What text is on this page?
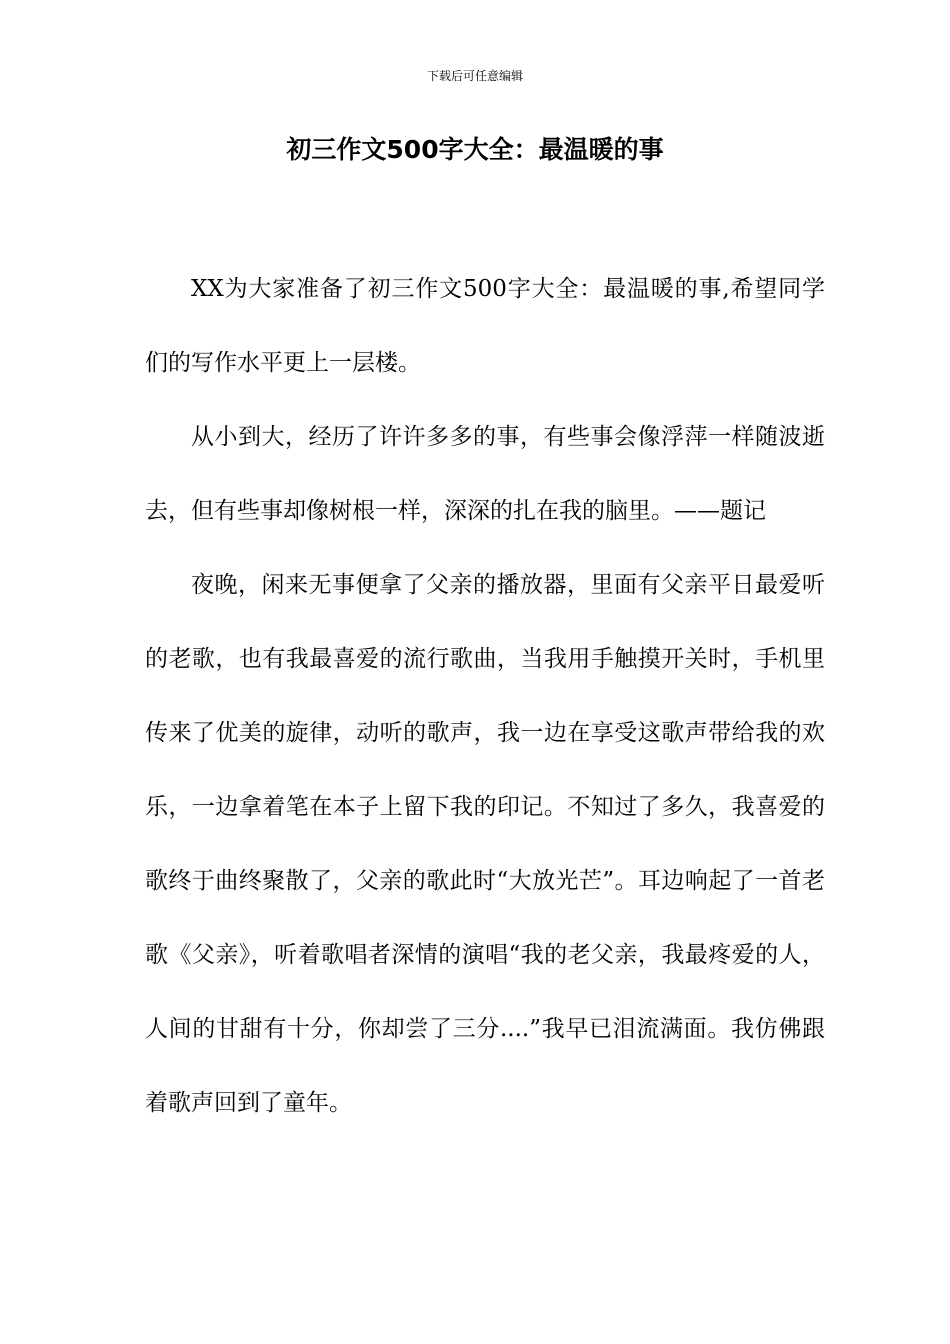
下载后可任意编辑
初三作文500字大全：最温暖的事

XX为大家准备了初三作文500字大全：最温暖的事,希望同学们的写作水平更上一层楼。

从小到大，经历了许许多多的事，有些事会像浮萍一样随波逝去，但有些事却像树根一样，深深的扎在我的脑里。——题记

夜晚，闲来无事便拿了父亲的播放器，里面有父亲平日最爱听的老歌，也有我最喜爱的流行歌曲，当我用手触摸开关时，手机里传来了优美的旋律，动听的歌声，我一边在享受这歌声带给我的欢乐，一边拿着笔在本子上留下我的印记。不知过了多久，我喜爱的歌终于曲终聚散了，父亲的歌此时“大放光芒”。耳边响起了一首老歌《父亲》，听着歌唱者深情的演唱“我的老父亲，我最疼爱的人，人间的甘甜有十分，你却尝了三分....”我早已泪流满面。我仿佛跟着歌声回到了童年。
